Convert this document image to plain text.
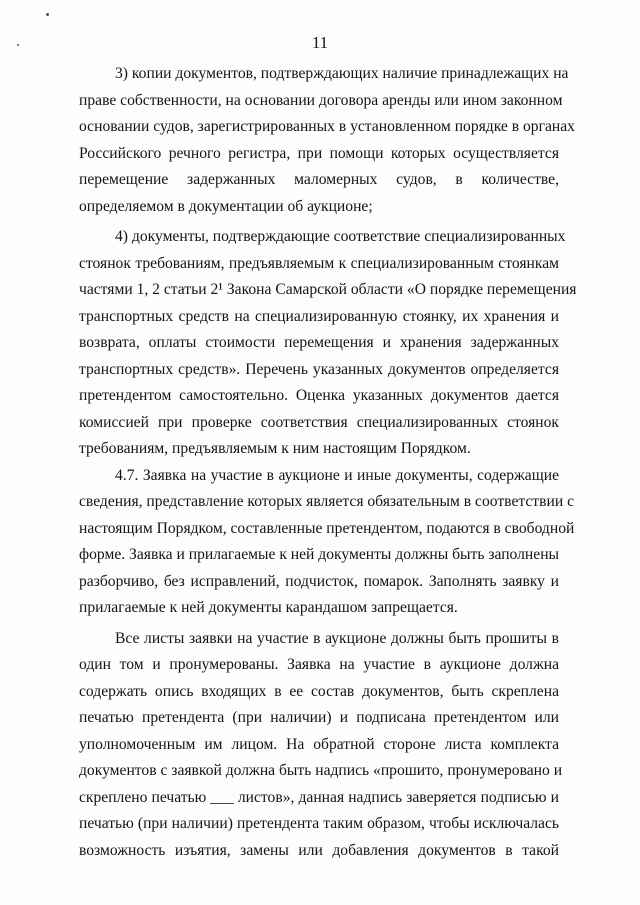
11
3) копии документов, подтверждающих наличие принадлежащих на
праве собственности, на основании договора аренды или ином законном
основании судов, зарегистрированных в установленном порядке в органах
Российского речного регистра, при помощи которых осуществляется
перемещение задержанных маломерных судов, в количестве,
определяемом в документации об аукционе;
4) документы, подтверждающие соответствие специализированных
стоянок требованиям, предъявляемым к специализированным стоянкам
частями 1, 2 статьи 2¹ Закона Самарской области «О порядке перемещения
транспортных средств на специализированную стоянку, их хранения и
возврата, оплаты стоимости перемещения и хранения задержанных
транспортных средств». Перечень указанных документов определяется
претендентом самостоятельно. Оценка указанных документов дается
комиссией при проверке соответствия специализированных стоянок
требованиям, предъявляемым к ним настоящим Порядком.
4.7. Заявка на участие в аукционе и иные документы, содержащие
сведения, представление которых является обязательным в соответствии с
настоящим Порядком, составленные претендентом, подаются в свободной
форме. Заявка и прилагаемые к ней документы должны быть заполнены
разборчиво, без исправлений, подчисток, помарок. Заполнять заявку и
прилагаемые к ней документы карандашом запрещается.
Все листы заявки на участие в аукционе должны быть прошиты в
один том и пронумерованы. Заявка на участие в аукционе должна
содержать опись входящих в ее состав документов, быть скреплена
печатью претендента (при наличии) и подписана претендентом или
уполномоченным им лицом. На обратной стороне листа комплекта
документов с заявкой должна быть надпись «прошито, пронумеровано и
скреплено печатью ___ листов», данная надпись заверяется подписью и
печатью (при наличии) претендента таким образом, чтобы исключалась
возможность изъятия, замены или добавления документов в такой
